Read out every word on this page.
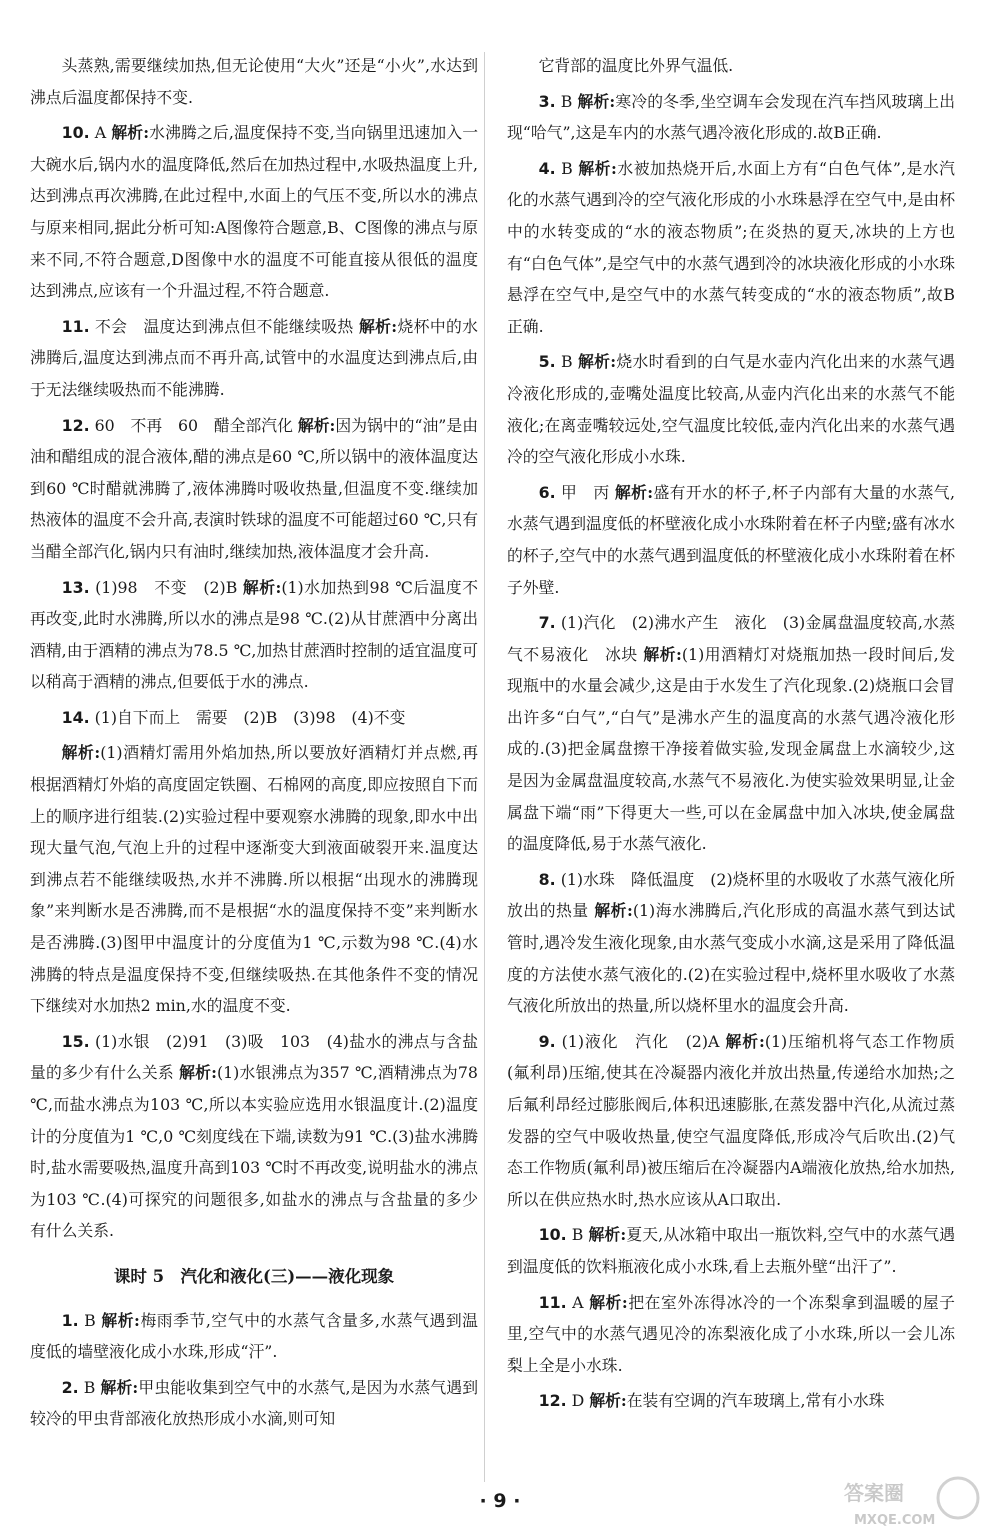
头蒸熟,需要继续加热,但无论使用“大火”还是“小火”,水达到沸点后温度都保持不变.

10. A 解析:水沸腾之后,温度保持不变,当向锅里迅速加入一大碗水后,锅内水的温度降低,然后在加热过程中,水吸热温度上升,达到沸点再次沸腾,在此过程中,水面上的气压不变,所以水的沸点与原来相同,据此分析可知:A图像符合题意,B、C图像的沸点与原来不同,不符合题意,D图像中水的温度不可能直接从很低的温度达到沸点,应该有一个升温过程,不符合题意.

11. 不会　温度达到沸点但不能继续吸热 解析:烧杯中的水沸腾后,温度达到沸点而不再升高,试管中的水温度达到沸点后,由于无法继续吸热而不能沸腾.

12. 60　不再　60　醋全部汽化 解析:因为锅中的“油”是由油和醋组成的混合液体,醋的沸点是60 ℃,所以锅中的液体温度达到60 ℃时醋就沸腾了,液体沸腾吋吸收热量,但温度不变.继续加热液体的温度不会升高,表演时铁球的温度不可能超过60 ℃,只有当醋全部汽化,锅内只有油时,继续加热,液体温度才会升高.

13. (1)98　不变　(2)B 解析:(1)水加热到98 ℃后温度不再改变,此时水沸腾,所以水的沸点是98 ℃.(2)从甘蔗酒中分离出酒精,由于酒精的沸点为78.5 ℃,加热甘蔗酒时控制的适宜温度可以稍高于酒精的沸点,但要低于水的沸点.

14. (1)自下而上　需要　(2)B　(3)98　(4)不变

解析:(1)酒精灯需用外焰加热,所以要放好酒精灯并点燃,再根据酒精灯外焰的高度固定铁圈、石棉网的高度,即应按照自下而上的顺序进行组装.(2)实验过程中要观察水沸腾的现象,即水中出现大量气泡,气泡上升的过程中逐渐变大到液面破裂开来.温度达到沸点若不能继续吸热,水并不沸腾.所以根据“出现水的沸腾现象”来判断水是否沸腾,而不是根据“水的温度保持不变”来判断水是否沸腾.(3)图甲中温度计的分度值为1 ℃,示数为98 ℃.(4)水沸腾的特点是温度保持不变,但继续吸热.在其他条件不变的情况下继续对水加热2 min,水的温度不变.

15. (1)水银　(2)91　(3)吸　103　(4)盐水的沸点与含盐量的多少有什么关系 解析:(1)水银沸点为357 ℃,酒精沸点为78 ℃,而盐水沸点为103 ℃,所以本实验应选用水银温度计.(2)温度计的分度值为1 ℃,0 ℃刻度线在下端,读数为91 ℃.(3)盐水沸腾时,盐水需要吸热,温度升高到103 ℃时不再改变,说明盐水的沸点为103 ℃.(4)可探究的问题很多,如盐水的沸点与含盐量的多少有什么关系.

课时 5　汽化和液化(三)——液化现象

1. B 解析:梅雨季节,空气中的水蒸气含量多,水蒸气遇到温度低的墙壁液化成小水珠,形成“汗”.

2. B 解析:甲虫能收集到空气中的水蒸气,是因为水蒸气遇到较冷的甲虫背部液化放热形成小水滴,则可知

它背部的温度比外界气温低.

3. B 解析:寒冷的冬季,坐空调车会发现在汽车挡风玻璃上出现“哈气”,这是车内的水蒸气遇冷液化形成的.故B正确.

4. B 解析:水被加热烧开后,水面上方有“白色气体”,是水汽化的水蒸气遇到冷的空气液化形成的小水珠悬浮在空气中,是由杯中的水转变成的“水的液态物质”;在炎热的夏天,冰块的上方也有“白色气体”,是空气中的水蒸气遇到冷的冰块液化形成的小水珠悬浮在空气中,是空气中的水蒸气转变成的“水的液态物质”,故B正确.

5. B 解析:烧水时看到的白气是水壶内汽化出来的水蒸气遇冷液化形成的,壶嘴处温度比较高,从壶内汽化出来的水蒸气不能液化;在离壶嘴较远处,空气温度比较低,壶内汽化出来的水蒸气遇冷的空气液化形成小水珠.

6. 甲　丙 解析:盛有开水的杯子,杯子内部有大量的水蒸气,水蒸气遇到温度低的杯壁液化成小水珠附着在杯子内壁;盛有冰水的杯子,空气中的水蒸气遇到温度低的杯壁液化成小水珠附着在杯子外壁.

7. (1)汽化　(2)沸水产生　液化　(3)金属盘温度较高,水蒸气不易液化　冰块 解析:(1)用酒精灯对烧瓶加热一段时间后,发现瓶中的水量会减少,这是由于水发生了汽化现象.(2)烧瓶口会冒出许多“白气”,“白气”是沸水产生的温度高的水蒸气遇冷液化形成的.(3)把金属盘擦干净接着做实验,发现金属盘上水滴较少,这是因为金属盘温度较高,水蒸气不易液化.为使实验效果明显,让金属盘下端“雨”下得更大一些,可以在金属盘中加入冰块,使金属盘的温度降低,易于水蒸气液化.

8. (1)水珠　降低温度　(2)烧杯里的水吸收了水蒸气液化所放出的热量 解析:(1)海水沸腾后,汽化形成的高温水蒸气到达试管时,遇冷发生液化现象,由水蒸气变成小水滴,这是采用了降低温度的方法使水蒸气液化的.(2)在实验过程中,烧杯里水吸收了水蒸气液化所放出的热量,所以烧杯里水的温度会升高.

9. (1)液化　汽化　(2)A 解析:(1)压缩机将气态工作物质(氟利昂)压缩,使其在冷凝器内液化并放出热量,传递给水加热;之后氟利昂经过膨胀阀后,体积迅速膨胀,在蒸发器中汽化,从流过蒸发器的空气中吸收热量,使空气温度降低,形成冷气后吹出.(2)气态工作物质(氟利昂)被压缩后在冷凝器内A端液化放热,给水加热,所以在供应热水时,热水应该从A口取出.

10. B 解析:夏天,从冰箱中取出一瓶饮料,空气中的水蒸气遇到温度低的饮料瓶液化成小水珠,看上去瓶外壁“出汗了”.

11. A 解析:把在室外冻得冰冷的一个冻梨拿到温暖的屋子里,空气中的水蒸气遇见冷的冻梨液化成了小水珠,所以一会儿冻梨上全是小水珠.

12. D 解析:在装有空调的汽车玻璃上,常有小水珠

· 9 ·	答案圈
MXQE.COM
